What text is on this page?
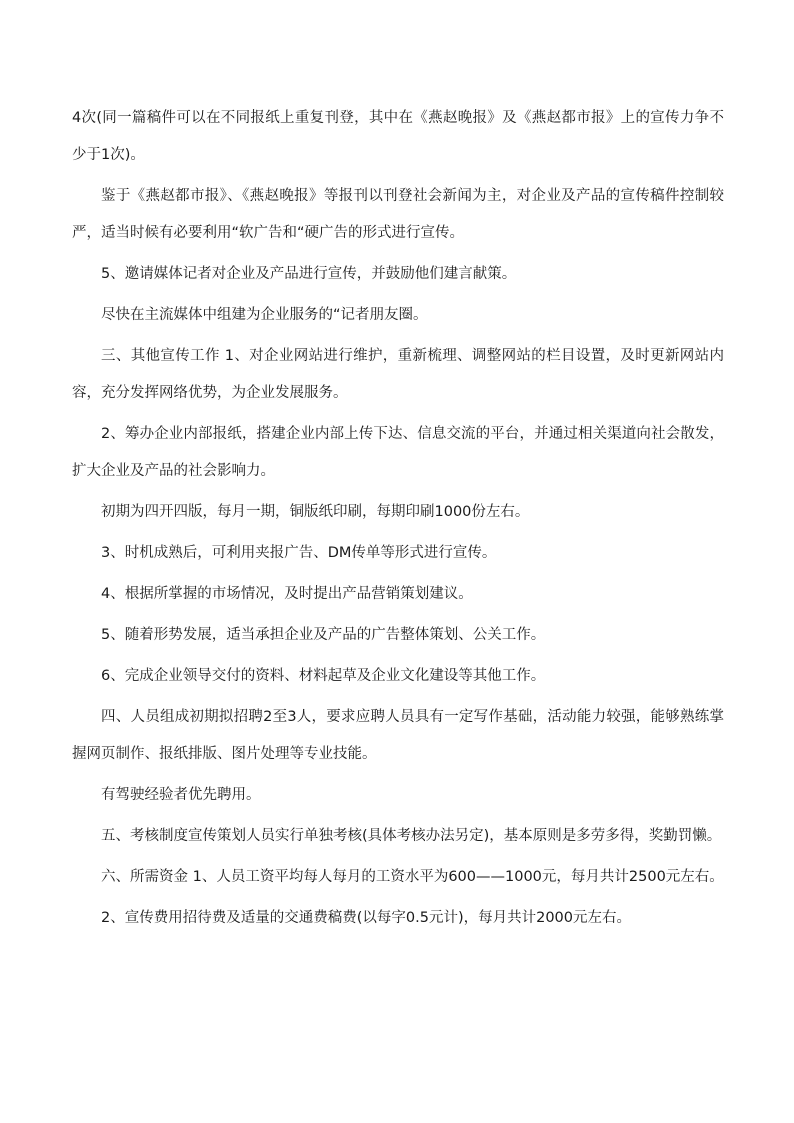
4次(同一篇稿件可以在不同报纸上重复刊登，其中在《燕赵晚报》及《燕赵都市报》上的宣传力争不少于1次)。

鉴于《燕赵都市报》、《燕赵晚报》等报刊以刊登社会新闻为主，对企业及产品的宣传稿件控制较严，适当时候有必要利用“软广告和“硬广告的形式进行宣传。

5、邀请媒体记者对企业及产品进行宣传，并鼓励他们建言献策。

尽快在主流媒体中组建为企业服务的“记者朋友圈。

三、其他宣传工作 1、对企业网站进行维护，重新梳理、调整网站的栏目设置，及时更新网站内容，充分发挥网络优势，为企业发展服务。

2、筹办企业内部报纸，搭建企业内部上传下达、信息交流的平台，并通过相关渠道向社会散发，扩大企业及产品的社会影响力。

初期为四开四版，每月一期，铜版纸印刷，每期印刷1000份左右。

3、时机成熟后，可利用夹报广告、DM传单等形式进行宣传。

4、根据所掌握的市场情况，及时提出产品营销策划建议。

5、随着形势发展，适当承担企业及产品的广告整体策划、公关工作。

6、完成企业领导交付的资料、材料起草及企业文化建设等其他工作。

四、人员组成初期拟招聘2至3人，要求应聘人员具有一定写作基础，活动能力较强，能够熟练掌握网页制作、报纸排版、图片处理等专业技能。

有驾驶经验者优先聘用。

五、考核制度宣传策划人员实行单独考核(具体考核办法另定)，基本原则是多劳多得，奖勤罚懒。

六、所需资金 1、人员工资平均每人每月的工资水平为600——1000元，每月共计2500元左右。

2、宣传费用招待费及适量的交通费稿费(以每字0.5元计)，每月共计2000元左右。
